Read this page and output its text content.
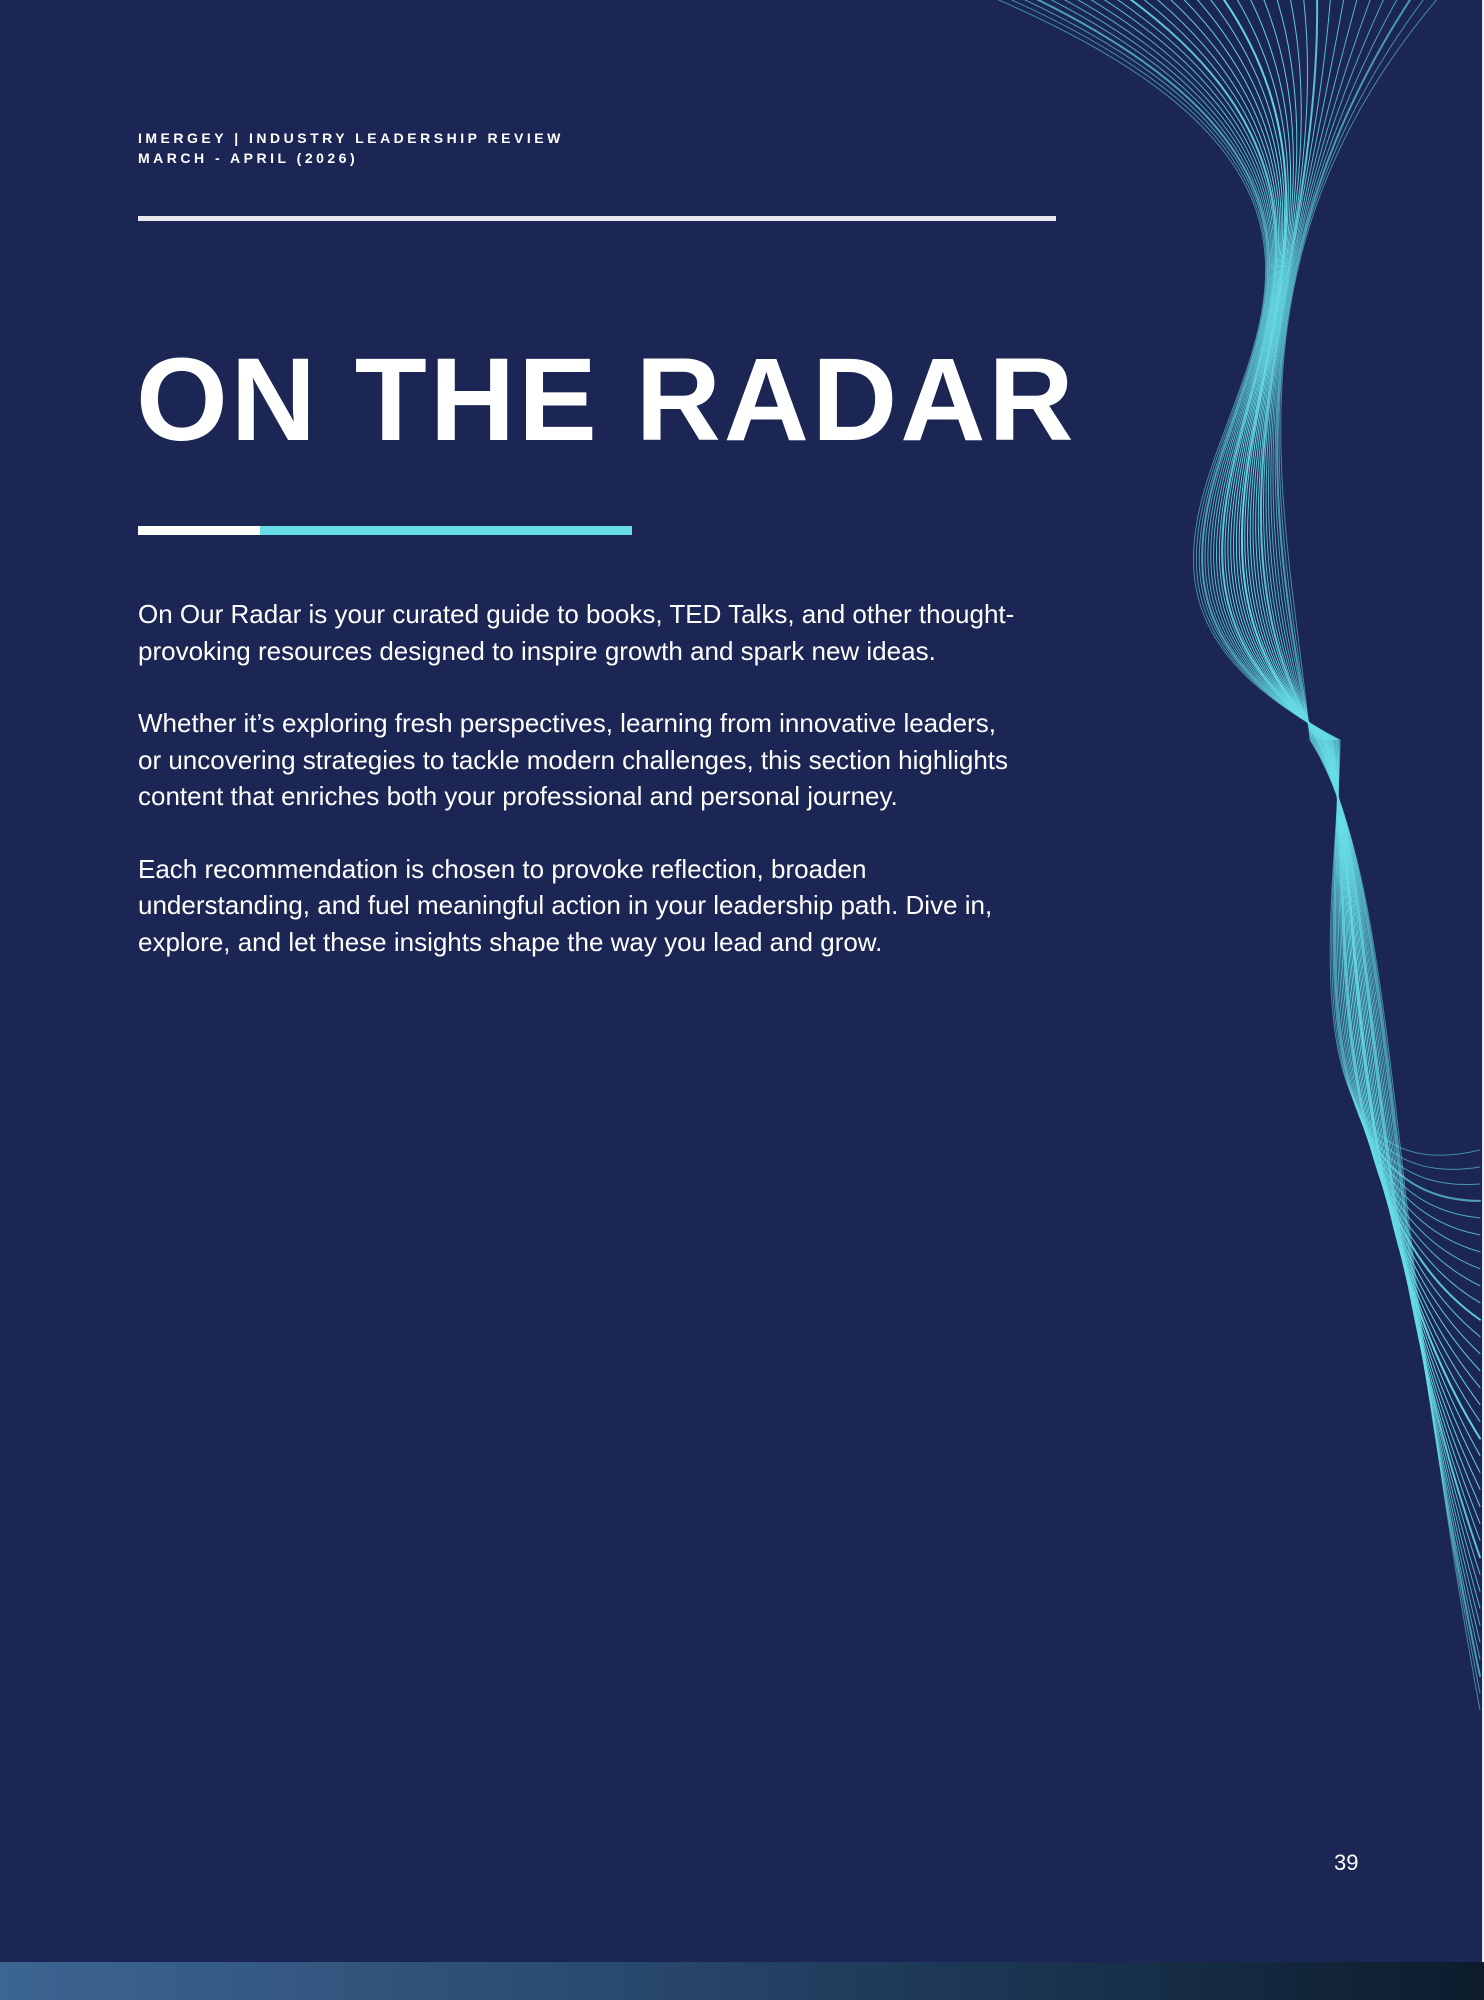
IMERGEY | INDUSTRY LEADERSHIP REVIEW
MARCH - APRIL (2026)
ON THE RADAR

On Our Radar is your curated guide to books, TED Talks, and other thought-provoking resources designed to inspire growth and spark new ideas.

Whether it’s exploring fresh perspectives, learning from innovative leaders, or uncovering strategies to tackle modern challenges, this section highlights content that enriches both your professional and personal journey.

Each recommendation is chosen to provoke reflection, broaden understanding, and fuel meaningful action in your leadership path. Dive in, explore, and let these insights shape the way you lead and grow.

39
